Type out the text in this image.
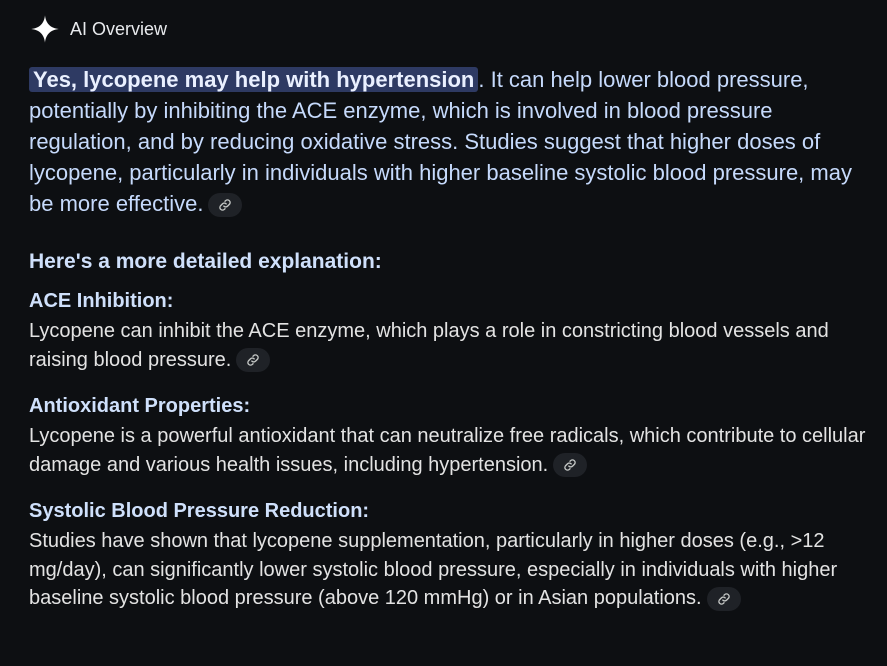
AI Overview

Yes, lycopene may help with hypertension . It can help lower blood pressure, potentially by inhibiting the ACE enzyme, which is involved in blood pressure regulation, and by reducing oxidative stress. Studies suggest that higher doses of lycopene, particularly in individuals with higher baseline systolic blood pressure, may be more effective.

Here's a more detailed explanation:
ACE Inhibition:

Lycopene can inhibit the ACE enzyme, which plays a role in constricting blood vessels and raising blood pressure.

Antioxidant Properties:

Lycopene is a powerful antioxidant that can neutralize free radicals, which contribute to cellular damage and various health issues, including hypertension.

Systolic Blood Pressure Reduction:

Studies have shown that lycopene supplementation, particularly in higher doses (e.g., >12 mg/day), can significantly lower systolic blood pressure, especially in individuals with higher baseline systolic blood pressure (above 120 mmHg) or in Asian populations.
